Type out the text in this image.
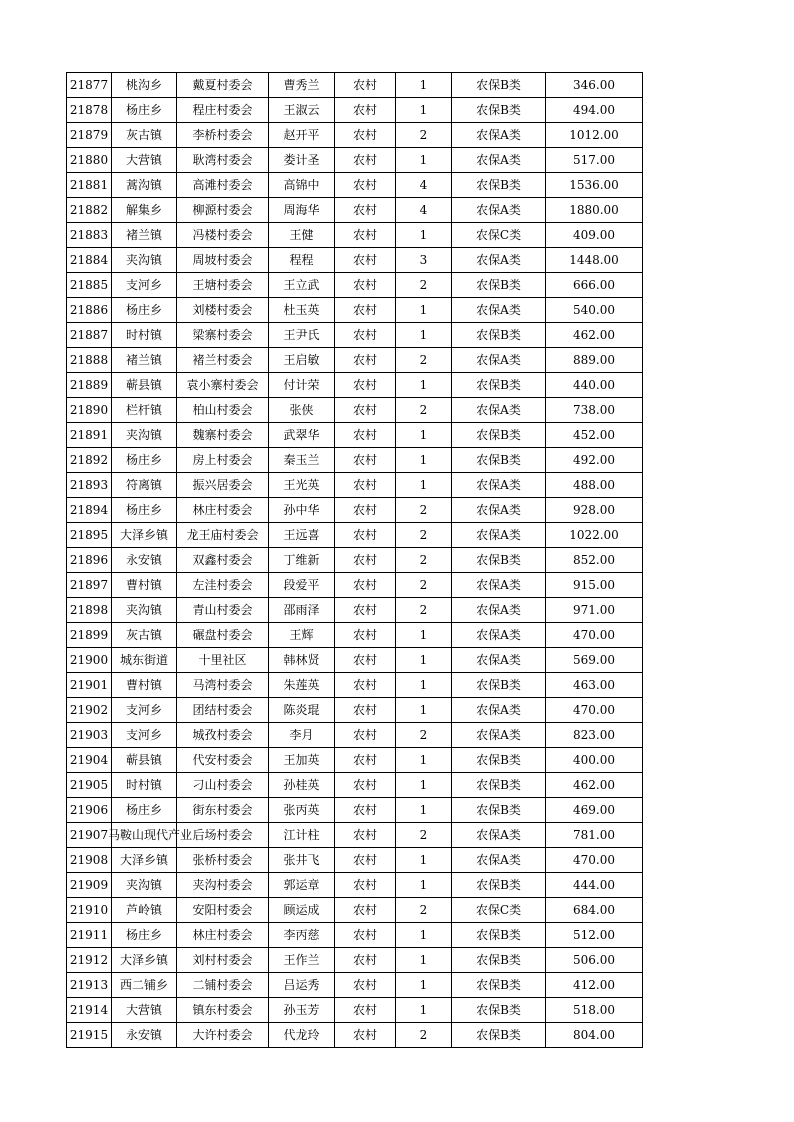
21877	桃沟乡	戴夏村委会	曹秀兰	农村	1	农保B类	346.00
21878	杨庄乡	程庄村委会	王淑云	农村	1	农保B类	494.00
21879	灰古镇	李桥村委会	赵开平	农村	2	农保A类	1012.00
21880	大营镇	耿湾村委会	娄计圣	农村	1	农保A类	517.00
21881	蒿沟镇	高滩村委会	高锦中	农村	4	农保B类	1536.00
21882	解集乡	柳源村委会	周海华	农村	4	农保A类	1880.00
21883	褚兰镇	冯楼村委会	王健	农村	1	农保C类	409.00
21884	夹沟镇	周坡村委会	程程	农村	3	农保A类	1448.00
21885	支河乡	王塘村委会	王立武	农村	2	农保B类	666.00
21886	杨庄乡	刘楼村委会	杜玉英	农村	1	农保A类	540.00
21887	时村镇	梁寨村委会	王尹氏	农村	1	农保B类	462.00
21888	褚兰镇	褚兰村委会	王启敏	农村	2	农保A类	889.00
21889	蕲县镇	袁小寨村委会	付计荣	农村	1	农保B类	440.00
21890	栏杆镇	柏山村委会	张侠	农村	2	农保A类	738.00
21891	夹沟镇	魏寨村委会	武翠华	农村	1	农保B类	452.00
21892	杨庄乡	房上村委会	秦玉兰	农村	1	农保B类	492.00
21893	符离镇	振兴居委会	王光英	农村	1	农保A类	488.00
21894	杨庄乡	林庄村委会	孙中华	农村	2	农保A类	928.00
21895	大泽乡镇	龙王庙村委会	王远喜	农村	2	农保A类	1022.00
21896	永安镇	双鑫村委会	丁维新	农村	2	农保B类	852.00
21897	曹村镇	左洼村委会	段爱平	农村	2	农保A类	915.00
21898	夹沟镇	青山村委会	邵雨泽	农村	2	农保A类	971.00
21899	灰古镇	碾盘村委会	王辉	农村	1	农保A类	470.00
21900	城东街道	十里社区	韩林贤	农村	1	农保A类	569.00
21901	曹村镇	马湾村委会	朱莲英	农村	1	农保B类	463.00
21902	支河乡	团结村委会	陈炎琨	农村	1	农保A类	470.00
21903	支河乡	城孜村委会	李月	农村	2	农保A类	823.00
21904	蕲县镇	代安村委会	王加英	农村	1	农保B类	400.00
21905	时村镇	刁山村委会	孙桂英	农村	1	农保B类	462.00
21906	杨庄乡	街东村委会	张丙英	农村	1	农保B类	469.00
21907	马鞍山现代产业	后场村委会	江计柱	农村	2	农保A类	781.00
21908	大泽乡镇	张桥村委会	张井飞	农村	1	农保A类	470.00
21909	夹沟镇	夹沟村委会	郭运章	农村	1	农保B类	444.00
21910	芦岭镇	安阳村委会	顾运成	农村	2	农保C类	684.00
21911	杨庄乡	林庄村委会	李丙慈	农村	1	农保B类	512.00
21912	大泽乡镇	刘村村委会	王作兰	农村	1	农保B类	506.00
21913	西二铺乡	二铺村委会	吕运秀	农村	1	农保B类	412.00
21914	大营镇	镇东村委会	孙玉芳	农村	1	农保B类	518.00
21915	永安镇	大许村委会	代龙玲	农村	2	农保B类	804.00
